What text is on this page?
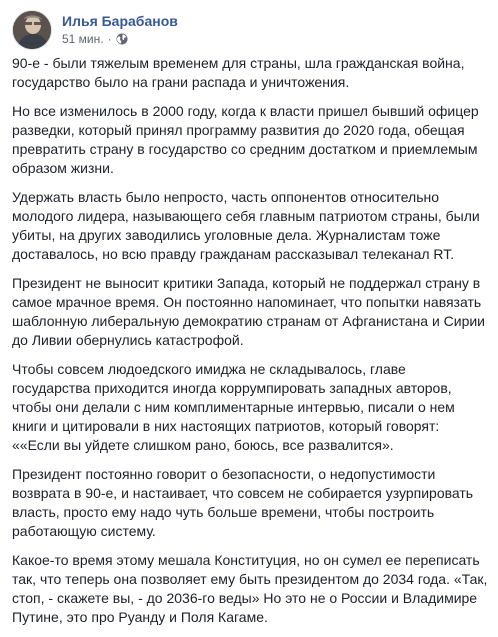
Илья Барабанов
51 мин. ·

90-е - были тяжелым временем для страны, шла гражданская война, государство было на грани распада и уничтожения.

Но все изменилось в 2000 году, когда к власти пришел бывший офицер разведки, который принял программу развития до 2020 года, обещая превратить страну в государство со средним достатком и приемлемым образом жизни.

Удержать власть было непросто, часть оппонентов относительно молодого лидера, называющего себя главным патриотом страны, были убиты, на других заводились уголовные дела. Журналистам тоже доставалось, но всю правду гражданам рассказывал телеканал RT.

Президент не выносит критики Запада, который не поддержал страну в самое мрачное время. Он постоянно напоминает, что попытки навязать шаблонную либеральную демократию странам от Афганистана и Сирии до Ливии обернулись катастрофой.

Чтобы совсем людоедского имиджа не складывалось, главе государства приходится иногда коррумпировать западных авторов, чтобы они делали с ним комплиментарные интервью, писали о нем книги и цитировали в них настоящих патриотов, который говорят: ««Если вы уйдете слишком рано, боюсь, все развалится».

Президент постоянно говорит о безопасности, о недопустимости возврата в 90-е, и настаивает, что совсем не собирается узурпировать власть, просто ему надо чуть больше времени, чтобы построить работающую систему.

Какое-то время этому мешала Конституция, но он сумел ее переписать так, что теперь она позволяет ему быть президентом до 2034 года. «Так, стоп, - скажете вы, - до 2036-го веды» Но это не о России и Владимире Путине, это про Руанду и Поля Кагаме.
